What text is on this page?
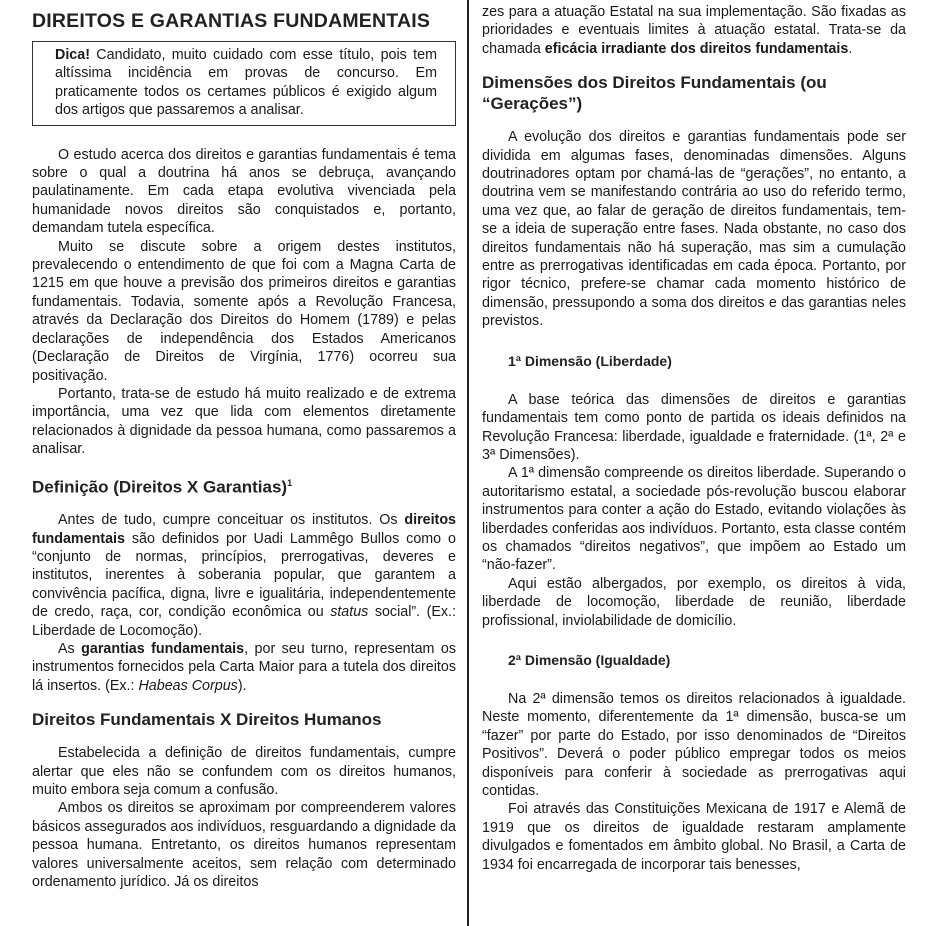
DIREITOS E GARANTIAS FUNDAMENTAIS

Dica! Candidato, muito cuidado com esse título, pois tem altíssima incidência em provas de concurso. Em praticamente todos os certames públicos é exigido algum dos artigos que passaremos a analisar.

O estudo acerca dos direitos e garantias fundamentais é tema sobre o qual a doutrina há anos se debruça, avançando paulatinamente. Em cada etapa evolutiva vivenciada pela humanidade novos direitos são conquistados e, portanto, demandam tutela específica.

Muito se discute sobre a origem destes institutos, prevalecendo o entendimento de que foi com a Magna Carta de 1215 em que houve a previsão dos primeiros direitos e garantias fundamentais. Todavia, somente após a Revolução Francesa, através da Declaração dos Direitos do Homem (1789) e pelas declarações de independência dos Estados Americanos (Declaração de Direitos de Virgínia, 1776) ocorreu sua positivação.

Portanto, trata-se de estudo há muito realizado e de extrema importância, uma vez que lida com elementos diretamente relacionados à dignidade da pessoa humana, como passaremos a analisar.

Definição (Direitos X Garantias)$^1$

Antes de tudo, cumpre conceituar os institutos. Os direitos fundamentais são definidos por Uadi Lammêgo Bullos como o “conjunto de normas, princípios, prerrogativas, deveres e institutos, inerentes à soberania popular, que garantem a convivência pacífica, digna, livre e igualitária, independentemente de credo, raça, cor, condição econômica ou status social”. (Ex.: Liberdade de Locomoção).

As garantias fundamentais, por seu turno, representam os instrumentos fornecidos pela Carta Maior para a tutela dos direitos lá insertos. (Ex.: Habeas Corpus).

Direitos Fundamentais X Direitos Humanos

Estabelecida a definição de direitos fundamentais, cumpre alertar que eles não se confundem com os direitos humanos, muito embora seja comum a confusão.

Ambos os direitos se aproximam por compreenderem valores básicos assegurados aos indivíduos, resguardando a dignidade da pessoa humana. Entretanto, os direitos humanos representam valores universalmente aceitos, sem relação com determinado ordenamento jurídico. Já os direitos

zes para a atuação Estatal na sua implementação. São fixadas as prioridades e eventuais limites à atuação estatal. Trata-se da chamada eficácia irradiante dos direitos fundamentais.

Dimensões dos Direitos Fundamentais (ou “Gerações”)

A evolução dos direitos e garantias fundamentais pode ser dividida em algumas fases, denominadas dimensões. Alguns doutrinadores optam por chamá-las de “gerações”, no entanto, a doutrina vem se manifestando contrária ao uso do referido termo, uma vez que, ao falar de geração de direitos fundamentais, tem-se a ideia de superação entre fases. Nada obstante, no caso dos direitos fundamentais não há superação, mas sim a cumulação entre as prerrogativas identificadas em cada época. Portanto, por rigor técnico, prefere-se chamar cada momento histórico de dimensão, pressupondo a soma dos direitos e das garantias neles previstos.

1ª Dimensão (Liberdade)

A base teórica das dimensões de direitos e garantias fundamentais tem como ponto de partida os ideais definidos na Revolução Francesa: liberdade, igualdade e fraternidade. (1ª, 2ª e 3ª Dimensões).

A 1ª dimensão compreende os direitos liberdade. Superando o autoritarismo estatal, a sociedade pós-revolução buscou elaborar instrumentos para conter a ação do Estado, evitando violações às liberdades conferidas aos indivíduos. Portanto, esta classe contém os chamados “direitos negativos”, que impõem ao Estado um “não-fazer”.

Aqui estão albergados, por exemplo, os direitos à vida, liberdade de locomoção, liberdade de reunião, liberdade profissional, inviolabilidade de domicílio.

2ª Dimensão (Igualdade)

Na 2ª dimensão temos os direitos relacionados à igualdade. Neste momento, diferentemente da 1ª dimensão, busca-se um “fazer” por parte do Estado, por isso denominados de “Direitos Positivos”. Deverá o poder público empregar todos os meios disponíveis para conferir à sociedade as prerrogativas aqui contidas.

Foi através das Constituições Mexicana de 1917 e Alemã de 1919 que os direitos de igualdade restaram amplamente divulgados e fomentados em âmbito global. No Brasil, a Carta de 1934 foi encarregada de incorporar tais benesses,
